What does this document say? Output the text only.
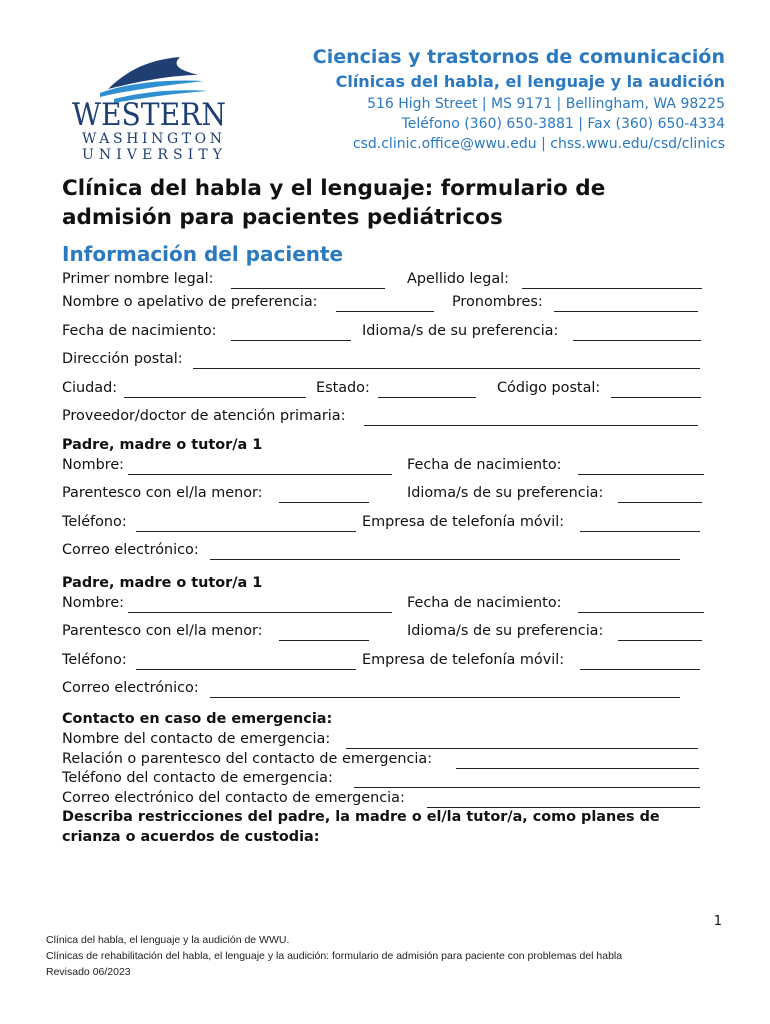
WESTERN
WASHINGTON
UNIVERSITY
Ciencias y trastornos de comunicación
Clínicas del habla, el lenguaje y la audición
516 High Street | MS 9171 | Bellingham, WA 98225
Teléfono (360) 650-3881 | Fax (360) 650-4334
csd.clinic.office@wwu.edu | chss.wwu.edu/csd/clinics
Clínica del habla y el lenguaje: formulario de
admisión para pacientes pediátricos
Información del paciente
Primer nombre legal:	Apellido legal:
Nombre o apelativo de preferencia:	Pronombres:
Fecha de nacimiento:	Idioma/s de su preferencia:
Dirección postal:
Ciudad:	Estado:	Código postal:
Proveedor/doctor de atención primaria:
Padre, madre o tutor/a 1
Nombre:	Fecha de nacimiento:
Parentesco con el/la menor:	Idioma/s de su preferencia:
Teléfono:	Empresa de telefonía móvil:
Correo electrónico:
Padre, madre o tutor/a 1
Nombre:	Fecha de nacimiento:
Parentesco con el/la menor:	Idioma/s de su preferencia:
Teléfono:	Empresa de telefonía móvil:
Correo electrónico:
Contacto en caso de emergencia:
Nombre del contacto de emergencia:
Relación o parentesco del contacto de emergencia:
Teléfono del contacto de emergencia:
Correo electrónico del contacto de emergencia:
Describa restricciones del padre, la madre o el/la tutor/a, como planes de
crianza o acuerdos de custodia:
1
Clínica del habla, el lenguaje y la audición de WWU.
Clínicas de rehabilitación del habla, el lenguaje y la audición: formulario de admisión para paciente con problemas del habla
Revisado 06/2023
